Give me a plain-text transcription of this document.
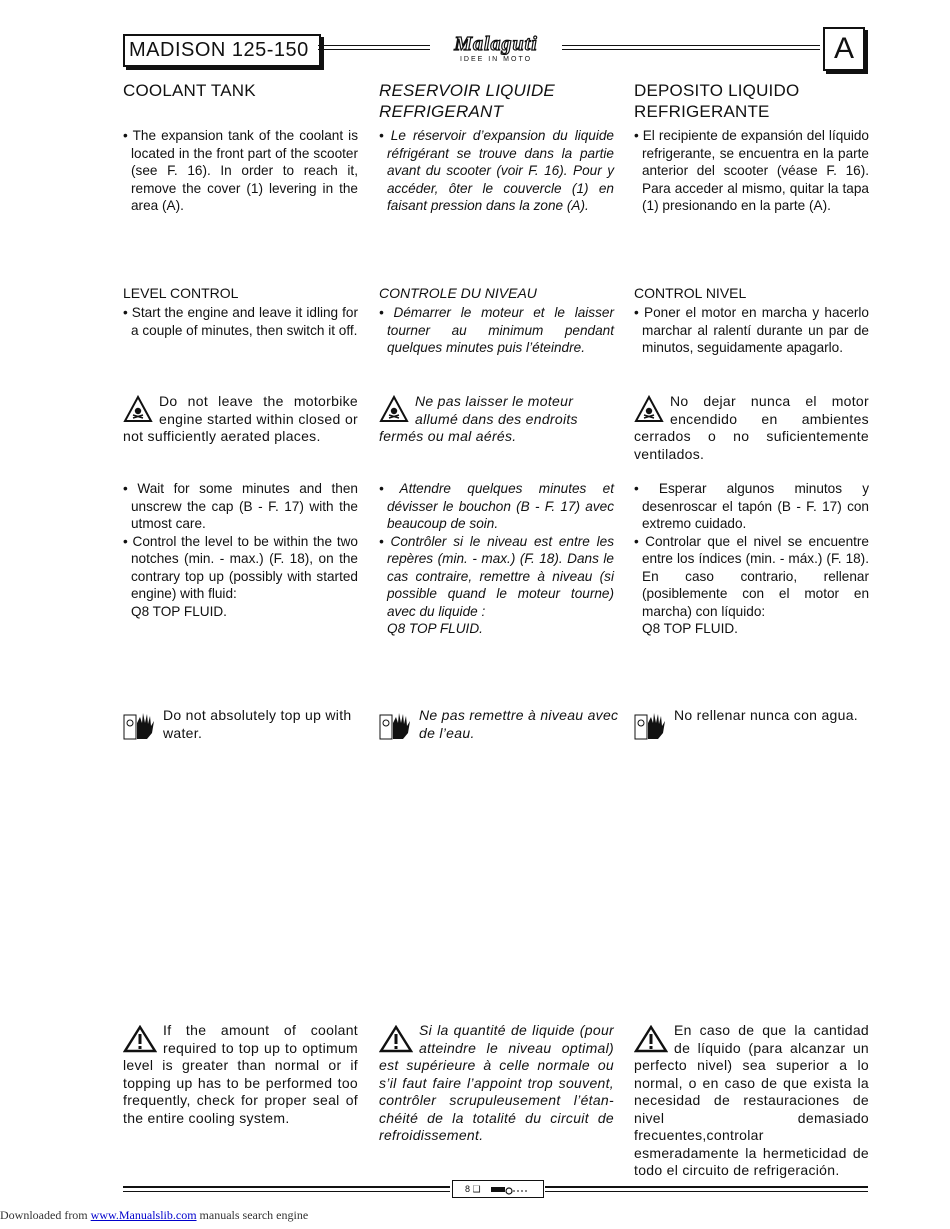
MADISON 125-150	Malaguti
IDEE IN MOTO	A
COOLANT TANK
• The expansion tank of the coolant is located in the front part of the scooter (see F. 16). In order to reach it, remove the cover (1) levering in the area (A).
LEVEL CONTROL
• Start the engine and leave it idling for a couple of minutes, then switch it off.
Do not leave the motorbike engine started within closed or not sufficiently aerated places.
• Wait for some minutes and then unscrew the cap (B - F. 17) with the utmost care.
• Control the level to be within the two notches (min. - max.) (F. 18), on the contrary top up (possibly with started engine) with fluid:
Q8 TOP FLUID.
Do not absolutely top up with water.
If the amount of coolant required to top up to optimum level is greater than normal or if topping up has to be performed too frequently, check for proper seal of the entire cooling system.
RESERVOIR LIQUIDE REFRIGERANT
• Le réservoir d’expansion du liquide réfrigérant se trouve dans la partie avant du scooter (voir F. 16). Pour y accéder, ôter le couvercle (1) en faisant pression dans la zone (A).
CONTROLE DU NIVEAU
• Démarrer le moteur et le laisser tourner au minimum pendant quelques minutes puis l’éteindre.
Ne pas laisser le moteur allumé dans des endroits fermés ou mal aérés.
• Attendre quelques minutes et dévisser le bouchon (B - F. 17) avec beaucoup de soin.
• Contrôler si le niveau est entre les repères (min. - max.) (F. 18). Dans le cas contraire, remettre à niveau (si possible quand le moteur tourne) avec du liquide :
Q8 TOP FLUID.
Ne pas remettre à niveau avec de l’eau.
Si la quantité de liquide (pour atteindre le niveau optimal) est supérieure à celle normale ou s’il faut faire l’appoint trop souvent, contrôler scrupuleusement l’étan-chéité de la totalité du circuit de refroidissement.
DEPOSITO LIQUIDO REFRIGERANTE
• El recipiente de expansión del líquido refrigerante, se encuentra en la parte anterior del scooter (véase F. 16). Para acceder al mismo, quitar la tapa (1) presionando en la parte (A).
CONTROL NIVEL
• Poner el motor en marcha y hacerlo marchar al ralentí durante un par de minutos, seguidamente apagarlo.
No dejar nunca el motor encendido en ambientes cerrados o no suficientemente ventilados.
• Esperar algunos minutos y desenroscar el tapón (B - F. 17) con extremo cuidado.
• Controlar que el nivel se encuentre entre los índices (min. - máx.) (F. 18). En caso contrario, rellenar (posiblemente con el motor en marcha) con líquido:
Q8 TOP FLUID.
No rellenar nunca con agua.
En caso de que la cantidad de líquido (para alcanzar un perfecto nivel) sea superior a lo normal, o en caso de que exista la necesidad de restauraciones de nivel demasiado frecuentes,controlar esmeradamente la hermeticidad de todo el circuito de refrigeración.
8 ❑
Downloaded from www.Manualslib.com manuals search engine
